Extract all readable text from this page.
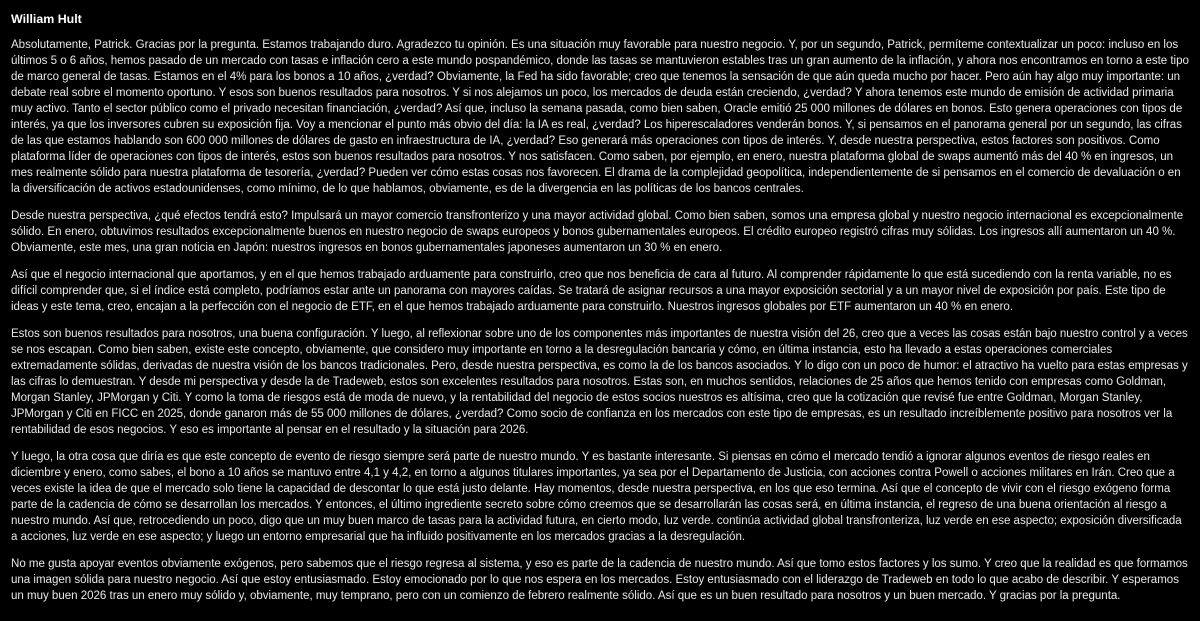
William Hult

Absolutamente, Patrick. Gracias por la pregunta. Estamos trabajando duro. Agradezco tu opinión. Es una situación muy favorable para nuestro negocio. Y, por un segundo, Patrick, permíteme contextualizar un poco: incluso en los últimos 5 o 6 años, hemos pasado de un mercado con tasas e inflación cero a este mundo pospandémico, donde las tasas se mantuvieron estables tras un gran aumento de la inflación, y ahora nos encontramos en torno a este tipo de marco general de tasas. Estamos en el 4% para los bonos a 10 años, ¿verdad? Obviamente, la Fed ha sido favorable; creo que tenemos la sensación de que aún queda mucho por hacer. Pero aún hay algo muy importante: un debate real sobre el momento oportuno. Y esos son buenos resultados para nosotros. Y si nos alejamos un poco, los mercados de deuda están creciendo, ¿verdad? Y ahora tenemos este mundo de emisión de actividad primaria muy activo. Tanto el sector público como el privado necesitan financiación, ¿verdad? Así que, incluso la semana pasada, como bien saben, Oracle emitió 25 000 millones de dólares en bonos. Esto genera operaciones con tipos de interés, ya que los inversores cubren su exposición fija. Voy a mencionar el punto más obvio del día: la IA es real, ¿verdad? Los hiperescaladores venderán bonos. Y, si pensamos en el panorama general por un segundo, las cifras de las que estamos hablando son 600 000 millones de dólares de gasto en infraestructura de IA, ¿verdad? Eso generará más operaciones con tipos de interés. Y, desde nuestra perspectiva, estos factores son positivos. Como plataforma líder de operaciones con tipos de interés, estos son buenos resultados para nosotros. Y nos satisfacen. Como saben, por ejemplo, en enero, nuestra plataforma global de swaps aumentó más del 40 % en ingresos, un mes realmente sólido para nuestra plataforma de tesorería, ¿verdad? Pueden ver cómo estas cosas nos favorecen. El drama de la complejidad geopolítica, independientemente de si pensamos en el comercio de devaluación o en la diversificación de activos estadounidenses, como mínimo, de lo que hablamos, obviamente, es de la divergencia en las políticas de los bancos centrales.

Desde nuestra perspectiva, ¿qué efectos tendrá esto? Impulsará un mayor comercio transfronterizo y una mayor actividad global. Como bien saben, somos una empresa global y nuestro negocio internacional es excepcionalmente sólido. En enero, obtuvimos resultados excepcionalmente buenos en nuestro negocio de swaps europeos y bonos gubernamentales europeos. El crédito europeo registró cifras muy sólidas. Los ingresos allí aumentaron un 40 %. Obviamente, este mes, una gran noticia en Japón: nuestros ingresos en bonos gubernamentales japoneses aumentaron un 30 % en enero.

Así que el negocio internacional que aportamos, y en el que hemos trabajado arduamente para construirlo, creo que nos beneficia de cara al futuro. Al comprender rápidamente lo que está sucediendo con la renta variable, no es difícil comprender que, si el índice está completo, podríamos estar ante un panorama con mayores caídas. Se tratará de asignar recursos a una mayor exposición sectorial y a un mayor nivel de exposición por país. Este tipo de ideas y este tema, creo, encajan a la perfección con el negocio de ETF, en el que hemos trabajado arduamente para construirlo. Nuestros ingresos globales por ETF aumentaron un 40 % en enero.

Estos son buenos resultados para nosotros, una buena configuración. Y luego, al reflexionar sobre uno de los componentes más importantes de nuestra visión del 26, creo que a veces las cosas están bajo nuestro control y a veces se nos escapan. Como bien saben, existe este concepto, obviamente, que considero muy importante en torno a la desregulación bancaria y cómo, en última instancia, esto ha llevado a estas operaciones comerciales extremadamente sólidas, derivadas de nuestra visión de los bancos tradicionales. Pero, desde nuestra perspectiva, es como la de los bancos asociados. Y lo digo con un poco de humor: el atractivo ha vuelto para estas empresas y las cifras lo demuestran. Y desde mi perspectiva y desde la de Tradeweb, estos son excelentes resultados para nosotros. Estas son, en muchos sentidos, relaciones de 25 años que hemos tenido con empresas como Goldman, Morgan Stanley, JPMorgan y Citi. Y como la toma de riesgos está de moda de nuevo, y la rentabilidad del negocio de estos socios nuestros es altísima, creo que la cotización que revisé fue entre Goldman, Morgan Stanley, JPMorgan y Citi en FICC en 2025, donde ganaron más de 55 000 millones de dólares, ¿verdad? Como socio de confianza en los mercados con este tipo de empresas, es un resultado increíblemente positivo para nosotros ver la rentabilidad de esos negocios. Y eso es importante al pensar en el resultado y la situación para 2026.

Y luego, la otra cosa que diría es que este concepto de evento de riesgo siempre será parte de nuestro mundo. Y es bastante interesante. Si piensas en cómo el mercado tendió a ignorar algunos eventos de riesgo reales en diciembre y enero, como sabes, el bono a 10 años se mantuvo entre 4,1 y 4,2, en torno a algunos titulares importantes, ya sea por el Departamento de Justicia, con acciones contra Powell o acciones militares en Irán. Creo que a veces existe la idea de que el mercado solo tiene la capacidad de descontar lo que está justo delante. Hay momentos, desde nuestra perspectiva, en los que eso termina. Así que el concepto de vivir con el riesgo exógeno forma parte de la cadencia de cómo se desarrollan los mercados. Y entonces, el último ingrediente secreto sobre cómo creemos que se desarrollarán las cosas será, en última instancia, el regreso de una buena orientación al riesgo a nuestro mundo. Así que, retrocediendo un poco, digo que un muy buen marco de tasas para la actividad futura, en cierto modo, luz verde. continúa actividad global transfronteriza, luz verde en ese aspecto; exposición diversificada a acciones, luz verde en ese aspecto; y luego un entorno empresarial que ha influido positivamente en los mercados gracias a la desregulación.

No me gusta apoyar eventos obviamente exógenos, pero sabemos que el riesgo regresa al sistema, y eso es parte de la cadencia de nuestro mundo. Así que tomo estos factores y los sumo. Y creo que la realidad es que formamos una imagen sólida para nuestro negocio. Así que estoy entusiasmado. Estoy emocionado por lo que nos espera en los mercados. Estoy entusiasmado con el liderazgo de Tradeweb en todo lo que acabo de describir. Y esperamos un muy buen 2026 tras un enero muy sólido y, obviamente, muy temprano, pero con un comienzo de febrero realmente sólido. Así que es un buen resultado para nosotros y un buen mercado. Y gracias por la pregunta.
